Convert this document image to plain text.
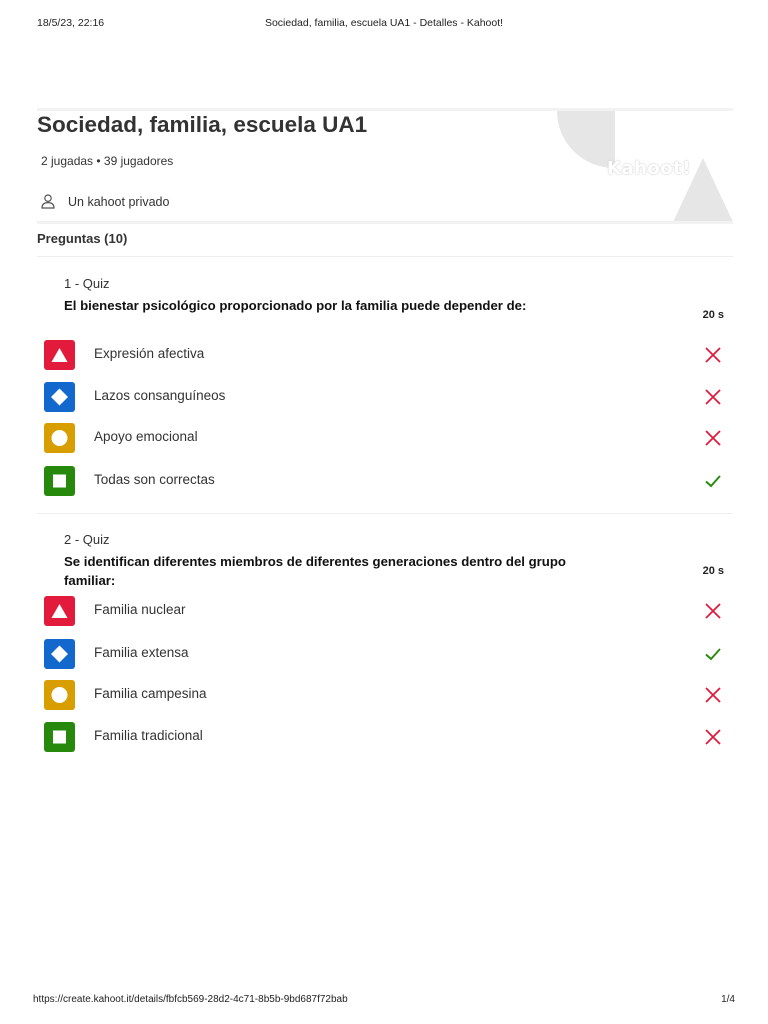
18/5/23, 22:16	Sociedad, familia, escuela UA1 - Detalles - Kahoot!
Kahoot!
Sociedad, familia, escuela UA1
2 jugadas • 39 jugadores
Un kahoot privado
Preguntas (10)
1 - Quiz
El bienestar psicológico proporcionado por la familia puede depender de:
20 s
Expresión afectiva
Lazos consanguíneos
Apoyo emocional
Todas son correctas
2 - Quiz
Se identifican diferentes miembros de diferentes generaciones dentro del grupo familiar:
20 s
Familia nuclear
Familia extensa
Familia campesina
Familia tradicional
https://create.kahoot.it/details/fbfcb569-28d2-4c71-8b5b-9bd687f72bab	1/4
